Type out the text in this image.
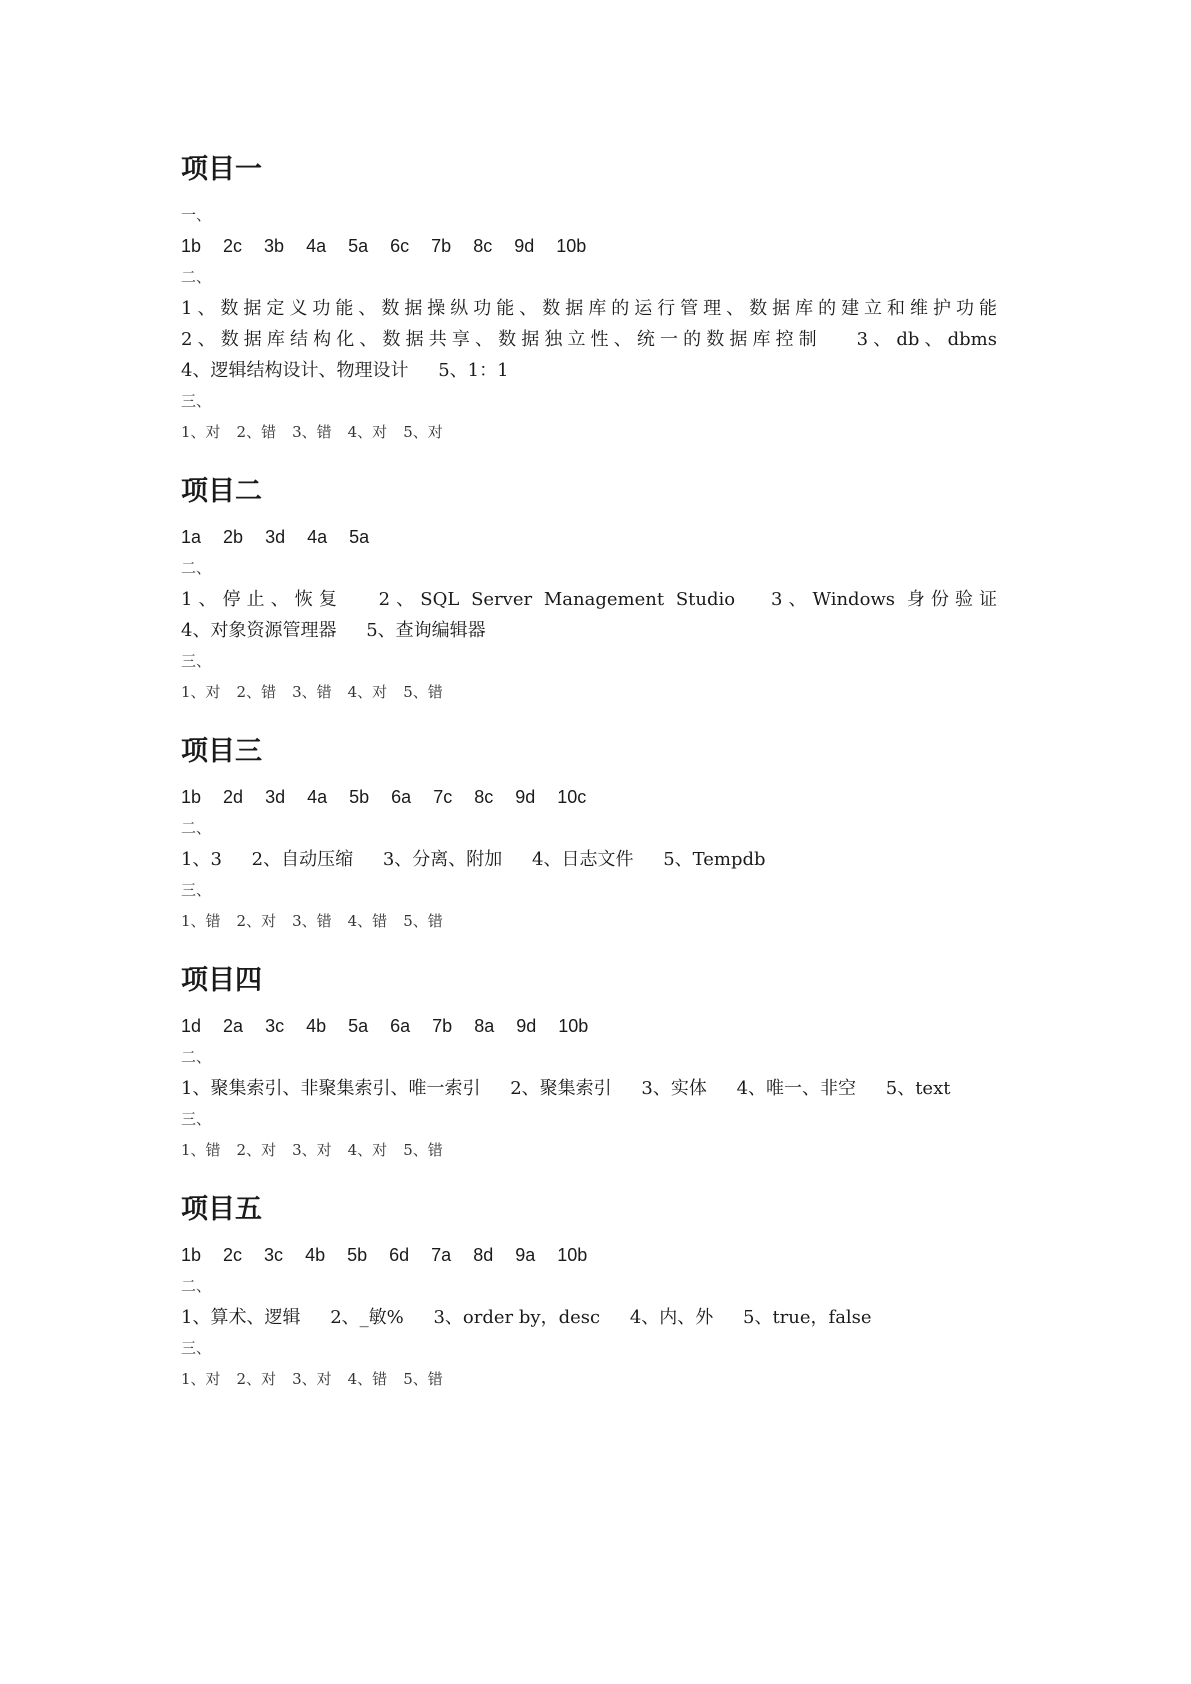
项目一
一、
1b 2c 3b 4a 5a 6c 7b 8c 9d 10b
二、
1、数据定义功能、数据操纵功能、数据库的运行管理、数据库的建立和维护功能 2、数据库结构化、数据共享、数据独立性、统一的数据库控制 3、db、dbms 4、逻辑结构设计、物理设计 5、1：1
三、
1、对 2、错 3、错 4、对 5、对
项目二
1a 2b 3d 4a 5a
二、
1、停止、恢复 2、SQL Server Management Studio 3、Windows 身份验证 4、对象资源管理器 5、查询编辑器
三、
1、对 2、错 3、错 4、对 5、错
项目三
1b 2d 3d 4a 5b 6a 7c 8c 9d 10c
二、
1、3 2、自动压缩 3、分离、附加 4、日志文件 5、Tempdb
三、
1、错 2、对 3、错 4、错 5、错
项目四
1d 2a 3c 4b 5a 6a 7b 8a 9d 10b
二、
1、聚集索引、非聚集索引、唯一索引 2、聚集索引 3、实体 4、唯一、非空 5、text
三、
1、错 2、对 3、对 4、对 5、错
项目五
1b 2c 3c 4b 5b 6d 7a 8d 9a 10b
二、
1、算术、逻辑 2、_敏% 3、order by，desc 4、内、外 5、true，false
三、
1、对 2、对 3、对 4、错 5、错
